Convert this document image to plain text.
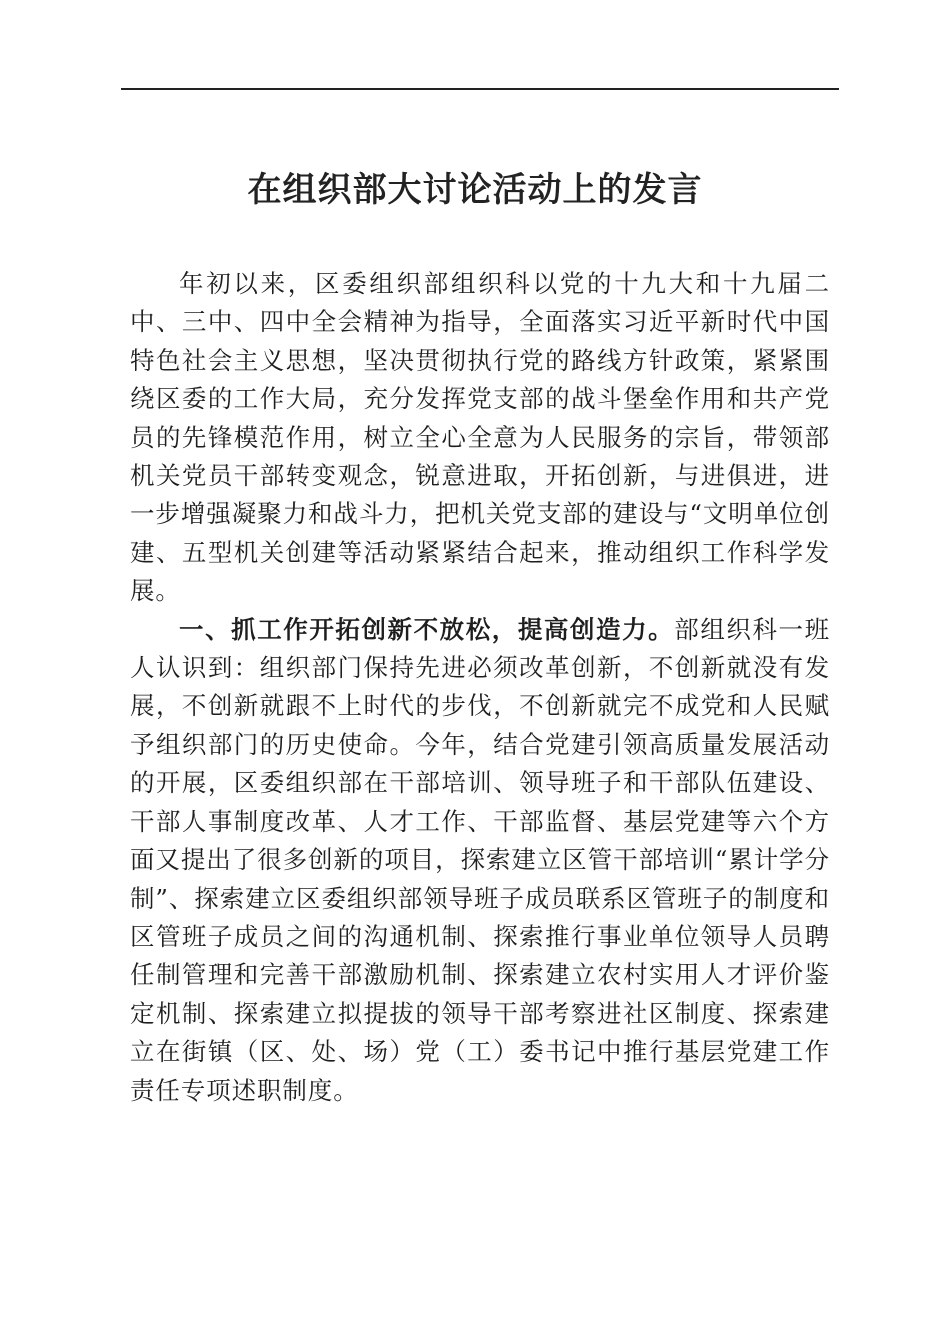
在组织部大讨论活动上的发言

年初以来，区委组织部组织科以党的十九大和十九届二中、三中、四中全会精神为指导，全面落实习近平新时代中国特色社会主义思想，坚决贯彻执行党的路线方针政策，紧紧围绕区委的工作大局，充分发挥党支部的战斗堡垒作用和共产党员的先锋模范作用，树立全心全意为人民服务的宗旨，带领部机关党员干部转变观念，锐意进取，开拓创新，与进俱进，进一步增强凝聚力和战斗力，把机关党支部的建设与“文明单位创建、五型机关创建等活动紧紧结合起来，推动组织工作科学发展。

一、抓工作开拓创新不放松，提高创造力。部组织科一班人认识到：组织部门保持先进必须改革创新，不创新就没有发展，不创新就跟不上时代的步伐，不创新就完不成党和人民赋予组织部门的历史使命。今年，结合党建引领高质量发展活动的开展，区委组织部在干部培训、领导班子和干部队伍建设、干部人事制度改革、人才工作、干部监督、基层党建等六个方面又提出了很多创新的项目，探索建立区管干部培训“累计学分制”、探索建立区委组织部领导班子成员联系区管班子的制度和区管班子成员之间的沟通机制、探索推行事业单位领导人员聘任制管理和完善干部激励机制、探索建立农村实用人才评价鉴定机制、探索建立拟提拔的领导干部考察进社区制度、探索建立在街镇（区、处、场）党（工）委书记中推行基层党建工作责任专项述职制度。
